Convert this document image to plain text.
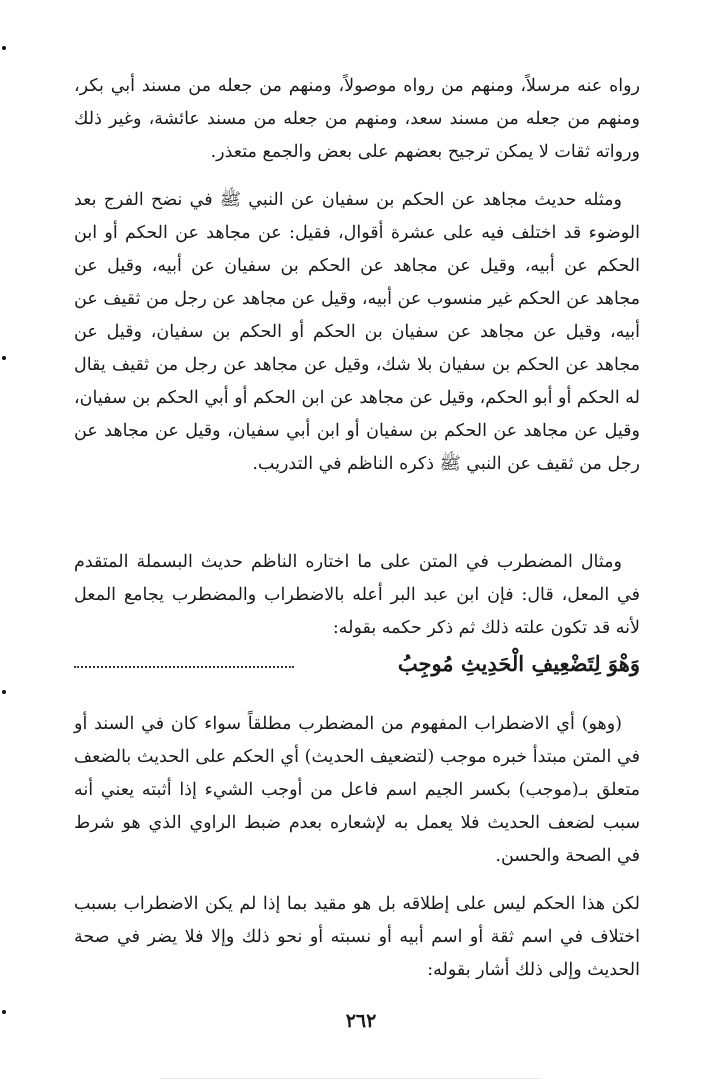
رواه عنه مرسلاً، ومنهم من رواه موصولاً، ومنهم من جعله من مسند أبي بكر، ومنهم من جعله من مسند سعد، ومنهم من جعله من مسند عائشة، وغير ذلك ورواته ثقات لا يمكن ترجيح بعضهم على بعض والجمع متعذر.

ومثله حديث مجاهد عن الحكم بن سفيان عن النبي ﷺ في نضح الفرج بعد الوضوء قد اختلف فيه على عشرة أقوال، فقيل: عن مجاهد عن الحكم أو ابن الحكم عن أبيه، وقيل عن مجاهد عن الحكم بن سفيان عن أبيه، وقيل عن مجاهد عن الحكم غير منسوب عن أبيه، وقيل عن مجاهد عن رجل من ثقيف عن أبيه، وقيل عن مجاهد عن سفيان بن الحكم أو الحكم بن سفيان، وقيل عن مجاهد عن الحكم بن سفيان بلا شك، وقيل عن مجاهد عن رجل من ثقيف يقال له الحكم أو أبو الحكم، وقيل عن مجاهد عن ابن الحكم أو أبي الحكم بن سفيان، وقيل عن مجاهد عن الحكم بن سفيان أو ابن أبي سفيان، وقيل عن مجاهد عن رجل من ثقيف عن النبي ﷺ ذكره الناظم في التدريب.

ومثال المضطرب في المتن على ما اختاره الناظم حديث البسملة المتقدم في المعل، قال: فإن ابن عبد البر أعله بالاضطراب والمضطرب يجامع المعل لأنه قد تكون علته ذلك ثم ذكر حكمه بقوله:

وَهْوَ لِتَضْعِيفِ الْحَدِيثِ مُوجِبُ

(وهو) أي الاضطراب المفهوم من المضطرب مطلقاً سواء كان في السند أو في المتن مبتدأ خبره موجب (لتضعيف الحديث) أي الحكم على الحديث بالضعف متعلق بـ(موجب) بكسر الجيم اسم فاعل من أوجب الشيء إذا أثبته يعني أنه سبب لضعف الحديث فلا يعمل به لإشعاره بعدم ضبط الراوي الذي هو شرط في الصحة والحسن.

لكن هذا الحكم ليس على إطلاقه بل هو مقيد بما إذا لم يكن الاضطراب بسبب اختلاف في اسم ثقة أو اسم أبيه أو نسبته أو نحو ذلك وإلا فلا يضر في صحة الحديث وإلى ذلك أشار بقوله:

٢٦٢
